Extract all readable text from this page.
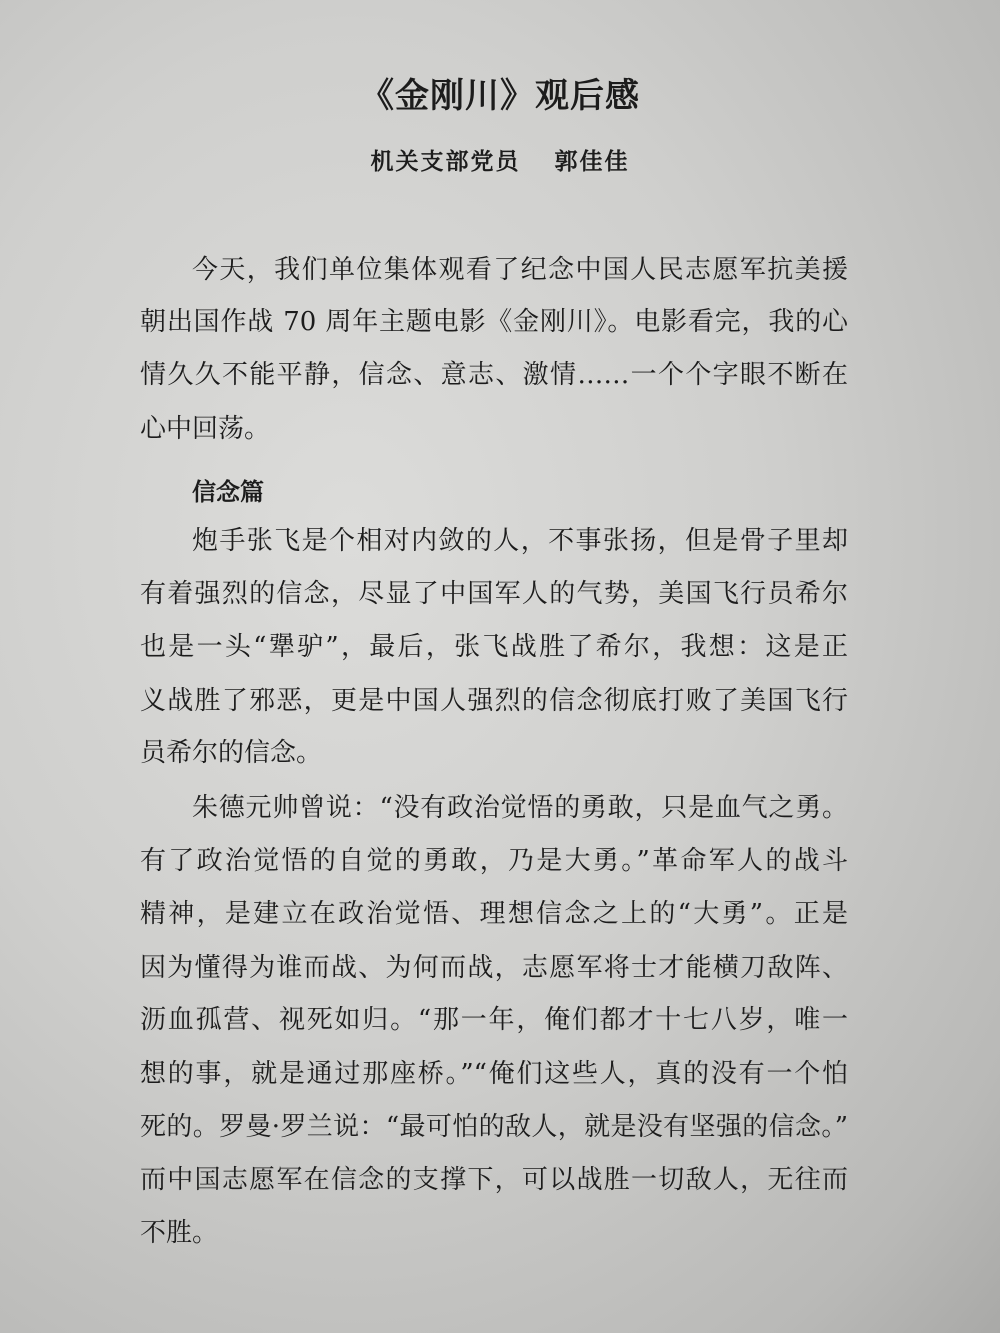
《金刚川》观后感
机关支部党员 郭佳佳
今天，我们单位集体观看了纪念中国人民志愿军抗美援
朝出国作战 70 周年主题电影《金刚川》。电影看完，我的心
情久久不能平静，信念、意志、激情……一个个字眼不断在
心中回荡。
信念篇
炮手张飞是个相对内敛的人，不事张扬，但是骨子里却
有着强烈的信念，尽显了中国军人的气势，美国飞行员希尔
也是一头“犟驴”，最后，张飞战胜了希尔，我想：这是正
义战胜了邪恶，更是中国人强烈的信念彻底打败了美国飞行
员希尔的信念。
朱德元帅曾说：“没有政治觉悟的勇敢，只是血气之勇。
有了政治觉悟的自觉的勇敢，乃是大勇。”革命军人的战斗
精神，是建立在政治觉悟、理想信念之上的“大勇”。正是
因为懂得为谁而战、为何而战，志愿军将士才能横刀敌阵、
沥血孤营、视死如归。“那一年，俺们都才十七八岁，唯一
想的事，就是通过那座桥。”“俺们这些人，真的没有一个怕
死的。罗曼·罗兰说：“最可怕的敌人，就是没有坚强的信念。”
而中国志愿军在信念的支撑下，可以战胜一切敌人，无往而
不胜。
